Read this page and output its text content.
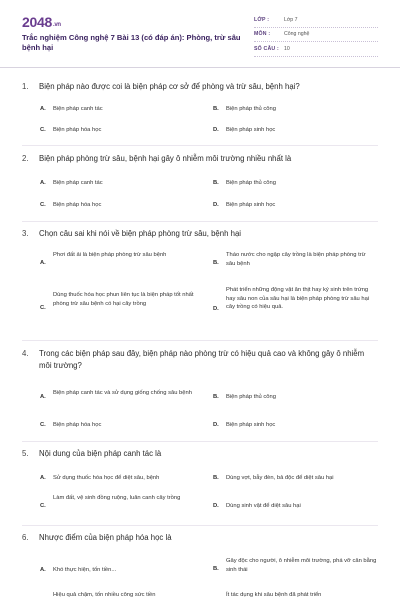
2048.vn
Trắc nghiệm Công nghệ 7 Bài 13 (có đáp án): Phòng, trừ sâu bệnh hại
LỚP :	Lớp 7
MÔN :	Công nghệ
SỐ CÂU : 10
1. Biện pháp nào được coi là biện pháp cơ sở để phòng và trừ sâu, bệnh hại?
A. Biện pháp canh tác	B. Biện pháp thủ công
C. Biện pháp hóa học	D. Biện pháp sinh học
2. Biện pháp phòng trừ sâu, bệnh hại gây ô nhiễm môi trường nhiều nhất là
A. Biện pháp canh tác	B. Biện pháp thủ công
C. Biện pháp hóa học	D. Biện pháp sinh học
3. Chọn câu sai khi nói về biện pháp phòng trừ sâu, bệnh hại
A.
Phơi đất ải là biện pháp phòng trừ sâu bệnh
B.
Tháo nước cho ngập cây trồng là biện pháp phòng trừ sâu bệnh
C.
Dùng thuốc hóa học phun liên tục là biện pháp tốt nhất phòng trừ sâu bệnh có hại cây trồng
D.
Phát triển những động vật ăn thịt hay ký sinh trên trứng hay sâu non của sâu hại là biện pháp phòng trừ sâu hại cây trồng có hiệu quả.
4. Trong các biện pháp sau đây, biện pháp nào phòng trừ có hiệu quả cao và không gây ô nhiễm môi trường?
A.
Biện pháp canh tác và sử dụng giống chống sâu bệnh
B. Biện pháp thủ công
C. Biện pháp hóa học	D. Biện pháp sinh học
5. Nội dung của biện pháp canh tác là
A. Sử dụng thuốc hóa học để diệt sâu, bệnh	B. Dùng vợt, bẫy đèn, bả độc để diệt sâu hại
C.
Làm đất, vệ sinh đồng ruộng, luân canh cây trồng
D. Dùng sinh vật để diệt sâu hại
6. Nhược điểm của biện pháp hóa học là
A. Khó thực hiện, tốn tiền...	B.
Gây độc cho người, ô nhiễm môi trường, phá vỡ cân bằng sinh thái
Hiệu quả chậm, tốn nhiều công sức tiền	Ít tác dụng khi sâu bệnh đã phát triển
